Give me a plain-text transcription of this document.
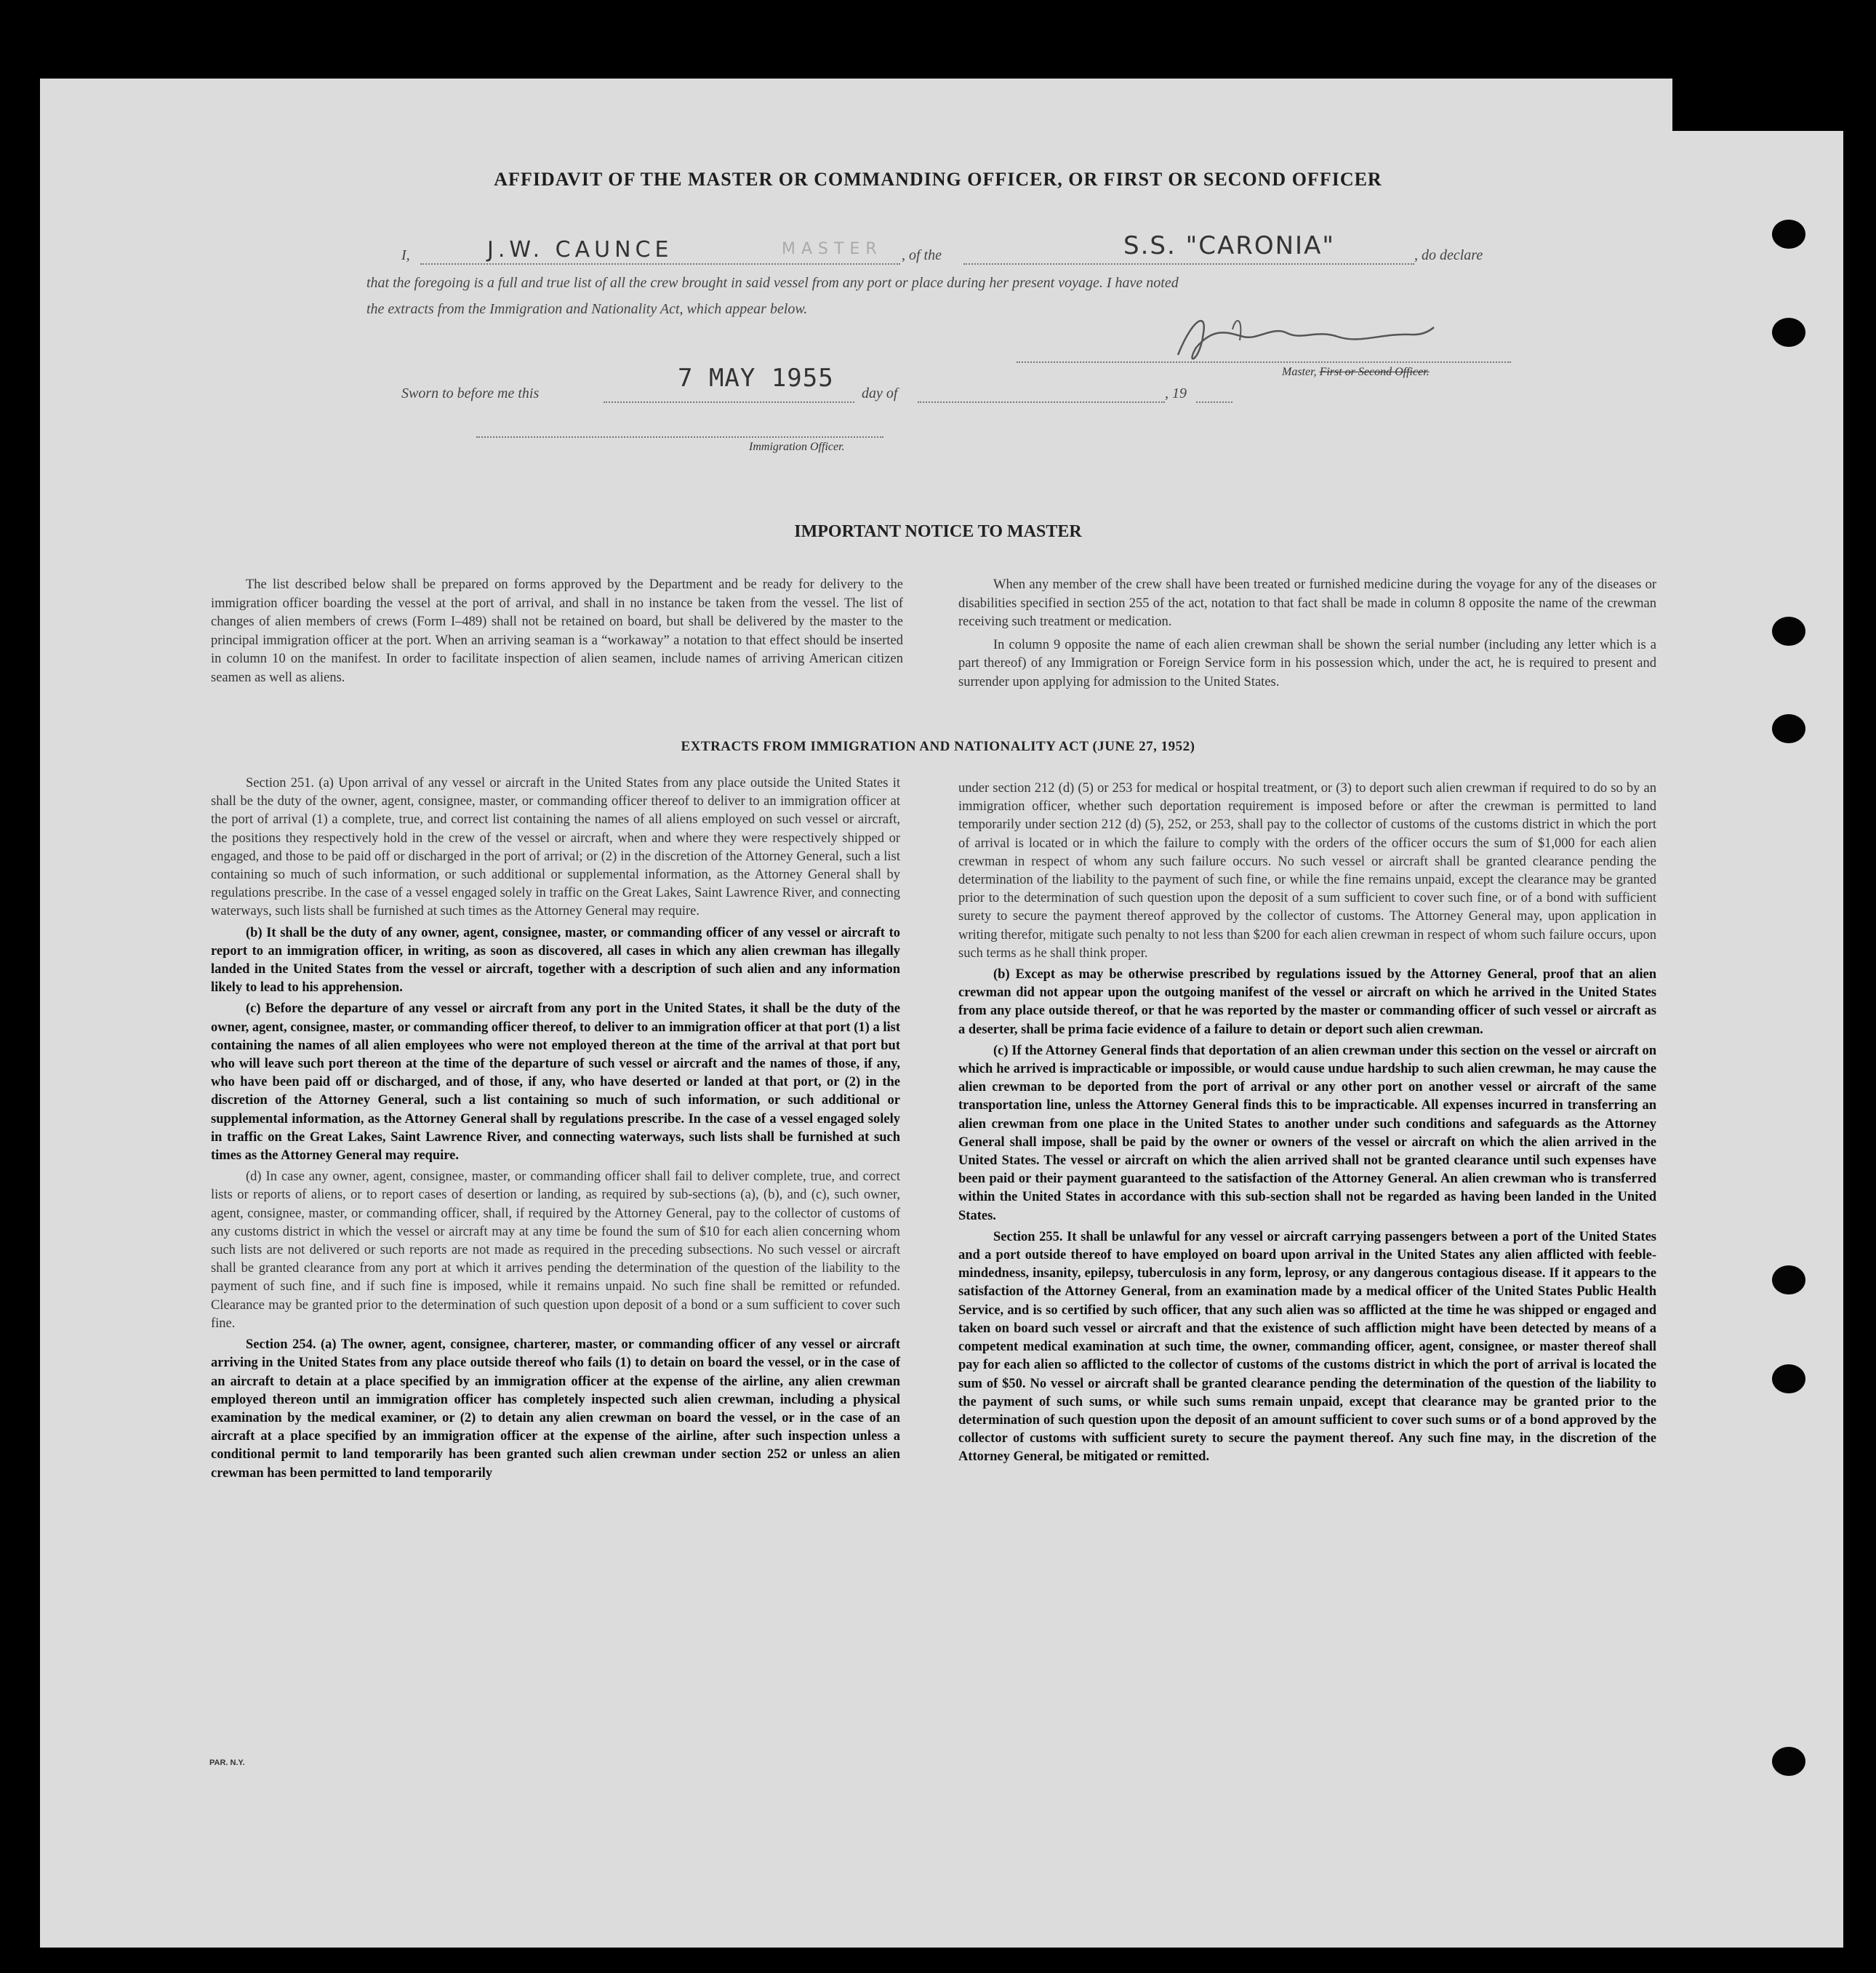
AFFIDAVIT OF THE MASTER OR COMMANDING OFFICER, OR FIRST OR SECOND OFFICER
I,	J.W. CAUNCE	MASTER , of the	S.S. "CARONIA"	, do declare
that the foregoing is a full and true list of all the crew brought in said vessel from any port or place during her present voyage. I have noted
the extracts from the Immigration and Nationality Act, which appear below.
Master, First or Second Officer.
Sworn to before me this
7 MAY 1955
day of	, 19
Immigration Officer.
IMPORTANT NOTICE TO MASTER

The list described below shall be prepared on forms approved by the Department and be ready for delivery to the immigration officer boarding the vessel at the port of arrival, and shall in no instance be taken from the vessel. The list of changes of alien members of crews (Form I–489) shall not be retained on board, but shall be delivered by the master to the principal immigration officer at the port. When an arriving seaman is a “workaway” a notation to that effect should be inserted in column 10 on the manifest. In order to facilitate inspection of alien seamen, include names of arriving American citizen seamen as well as aliens.

When any member of the crew shall have been treated or furnished medicine during the voyage for any of the diseases or disabilities specified in section 255 of the act, notation to that fact shall be made in column 8 opposite the name of the crewman receiving such treatment or medication.

In column 9 opposite the name of each alien crewman shall be shown the serial number (including any letter which is a part thereof) of any Immigration or Foreign Service form in his possession which, under the act, he is required to present and surrender upon applying for admission to the United States.

EXTRACTS FROM IMMIGRATION AND NATIONALITY ACT (JUNE 27, 1952)

Section 251. (a) Upon arrival of any vessel or aircraft in the United States from any place outside the United States it shall be the duty of the owner, agent, consignee, master, or commanding officer thereof to deliver to an immigration officer at the port of arrival (1) a complete, true, and correct list containing the names of all aliens employed on such vessel or aircraft, the positions they respectively hold in the crew of the vessel or aircraft, when and where they were respectively shipped or engaged, and those to be paid off or discharged in the port of arrival; or (2) in the discretion of the Attorney General, such a list containing so much of such information, or such additional or supplemental information, as the Attorney General shall by regulations prescribe. In the case of a vessel engaged solely in traffic on the Great Lakes, Saint Lawrence River, and connecting waterways, such lists shall be furnished at such times as the Attorney General may require.

(b) It shall be the duty of any owner, agent, consignee, master, or commanding officer of any vessel or aircraft to report to an immigration officer, in writing, as soon as discovered, all cases in which any alien crewman has illegally landed in the United States from the vessel or aircraft, together with a description of such alien and any information likely to lead to his apprehension.

(c) Before the departure of any vessel or aircraft from any port in the United States, it shall be the duty of the owner, agent, consignee, master, or commanding officer thereof, to deliver to an immigration officer at that port (1) a list containing the names of all alien employees who were not employed thereon at the time of the arrival at that port but who will leave such port thereon at the time of the departure of such vessel or aircraft and the names of those, if any, who have been paid off or discharged, and of those, if any, who have deserted or landed at that port, or (2) in the discretion of the Attorney General, such a list containing so much of such information, or such additional or supplemental information, as the Attorney General shall by regulations prescribe. In the case of a vessel engaged solely in traffic on the Great Lakes, Saint Lawrence River, and connecting waterways, such lists shall be furnished at such times as the Attorney General may require.

(d) In case any owner, agent, consignee, master, or commanding officer shall fail to deliver complete, true, and correct lists or reports of aliens, or to report cases of desertion or landing, as required by sub-sections (a), (b), and (c), such owner, agent, consignee, master, or commanding officer, shall, if required by the Attorney General, pay to the collector of customs of any customs district in which the vessel or aircraft may at any time be found the sum of $10 for each alien concerning whom such lists are not delivered or such reports are not made as required in the preceding subsections. No such vessel or aircraft shall be granted clearance from any port at which it arrives pending the determination of the question of the liability to the payment of such fine, and if such fine is imposed, while it remains unpaid. No such fine shall be remitted or refunded. Clearance may be granted prior to the determination of such question upon deposit of a bond or a sum sufficient to cover such fine.

Section 254. (a) The owner, agent, consignee, charterer, master, or commanding officer of any vessel or aircraft arriving in the United States from any place outside thereof who fails (1) to detain on board the vessel, or in the case of an aircraft to detain at a place specified by an immigration officer at the expense of the airline, any alien crewman employed thereon until an immigration officer has completely inspected such alien crewman, including a physical examination by the medical examiner, or (2) to detain any alien crewman on board the vessel, or in the case of an aircraft at a place specified by an immigration officer at the expense of the airline, after such inspection unless a conditional permit to land temporarily has been granted such alien crewman under section 252 or unless an alien crewman has been permitted to land temporarily

under section 212 (d) (5) or 253 for medical or hospital treatment, or (3) to deport such alien crewman if required to do so by an immigration officer, whether such deportation requirement is imposed before or after the crewman is permitted to land temporarily under section 212 (d) (5), 252, or 253, shall pay to the collector of customs of the customs district in which the port of arrival is located or in which the failure to comply with the orders of the officer occurs the sum of $1,000 for each alien crewman in respect of whom any such failure occurs. No such vessel or aircraft shall be granted clearance pending the determination of the liability to the payment of such fine, or while the fine remains unpaid, except the clearance may be granted prior to the determination of such question upon the deposit of a sum sufficient to cover such fine, or of a bond with sufficient surety to secure the payment thereof approved by the collector of customs. The Attorney General may, upon application in writing therefor, mitigate such penalty to not less than $200 for each alien crewman in respect of whom such failure occurs, upon such terms as he shall think proper.

(b) Except as may be otherwise prescribed by regulations issued by the Attorney General, proof that an alien crewman did not appear upon the outgoing manifest of the vessel or aircraft on which he arrived in the United States from any place outside thereof, or that he was reported by the master or commanding officer of such vessel or aircraft as a deserter, shall be prima facie evidence of a failure to detain or deport such alien crewman.

(c) If the Attorney General finds that deportation of an alien crewman under this section on the vessel or aircraft on which he arrived is impracticable or impossible, or would cause undue hardship to such alien crewman, he may cause the alien crewman to be deported from the port of arrival or any other port on another vessel or aircraft of the same transportation line, unless the Attorney General finds this to be impracticable. All expenses incurred in transferring an alien crewman from one place in the United States to another under such conditions and safeguards as the Attorney General shall impose, shall be paid by the owner or owners of the vessel or aircraft on which the alien arrived in the United States. The vessel or aircraft on which the alien arrived shall not be granted clearance until such expenses have been paid or their payment guaranteed to the satisfaction of the Attorney General. An alien crewman who is transferred within the United States in accordance with this sub-section shall not be regarded as having been landed in the United States.

Section 255. It shall be unlawful for any vessel or aircraft carrying passengers between a port of the United States and a port outside thereof to have employed on board upon arrival in the United States any alien afflicted with feeble-mindedness, insanity, epilepsy, tuberculosis in any form, leprosy, or any dangerous contagious disease. If it appears to the satisfaction of the Attorney General, from an examination made by a medical officer of the United States Public Health Service, and is so certified by such officer, that any such alien was so afflicted at the time he was shipped or engaged and taken on board such vessel or aircraft and that the existence of such affliction might have been detected by means of a competent medical examination at such time, the owner, commanding officer, agent, consignee, or master thereof shall pay for each alien so afflicted to the collector of customs of the customs district in which the port of arrival is located the sum of $50. No vessel or aircraft shall be granted clearance pending the determination of the question of the liability to the payment of such sums, or while such sums remain unpaid, except that clearance may be granted prior to the determination of such question upon the deposit of an amount sufficient to cover such sums or of a bond approved by the collector of customs with sufficient surety to secure the payment thereof. Any such fine may, in the discretion of the Attorney General, be mitigated or remitted.

PAR. N.Y.
